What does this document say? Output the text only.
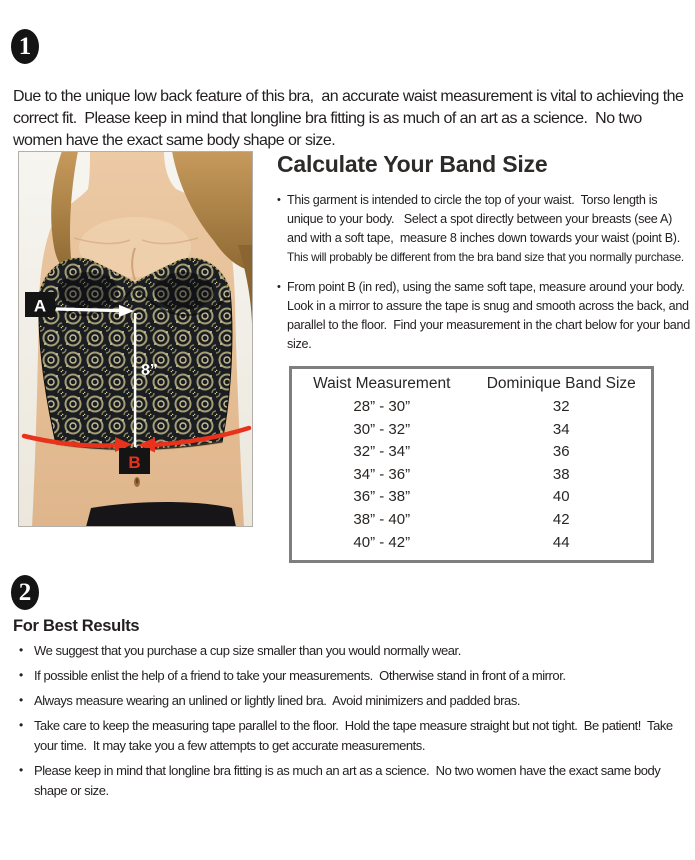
1

Due to the unique low back feature of this bra,  an accurate waist measurement is vital to achieving the correct fit.  Please keep in mind that longline bra fitting is as much of an art as a science.  No two women have the exact same body shape or size.

A
8”
B
Calculate Your Band Size
• This garment is intended to circle the top of your waist.  Torso length is unique to your body.   Select a spot directly between your breasts (see A) and with a soft tape,  measure 8 inches down towards your waist (point B).   This will probably be different from the bra band size that you normally purchase.

• From point B (in red), using the same soft tape, measure around your body.  Look in a mirror to assure the tape is snug and smooth across the back, and parallel to the floor.  Find your measurement in the chart below for your band size.

Waist Measurement	Dominique Band Size
28” - 30”	32
30” - 32”	34
32” - 34”	36
34” - 36”	38
36” - 38”	40
38” - 40”	42
40” - 42”	44
2
For Best Results
• We suggest that you purchase a cup size smaller than you would normally wear.
• If possible enlist the help of a friend to take your measurements.  Otherwise stand in front of a mirror.
• Always measure wearing an unlined or lightly lined bra.  Avoid minimizers and padded bras.
• Take care to keep the measuring tape parallel to the floor.  Hold the tape measure straight but not tight.  Be patient!  Take your time.  It may take you a few attempts to get accurate measurements.
• Please keep in mind that longline bra fitting is as much an art as a science.  No two women have the exact same body shape or size.
